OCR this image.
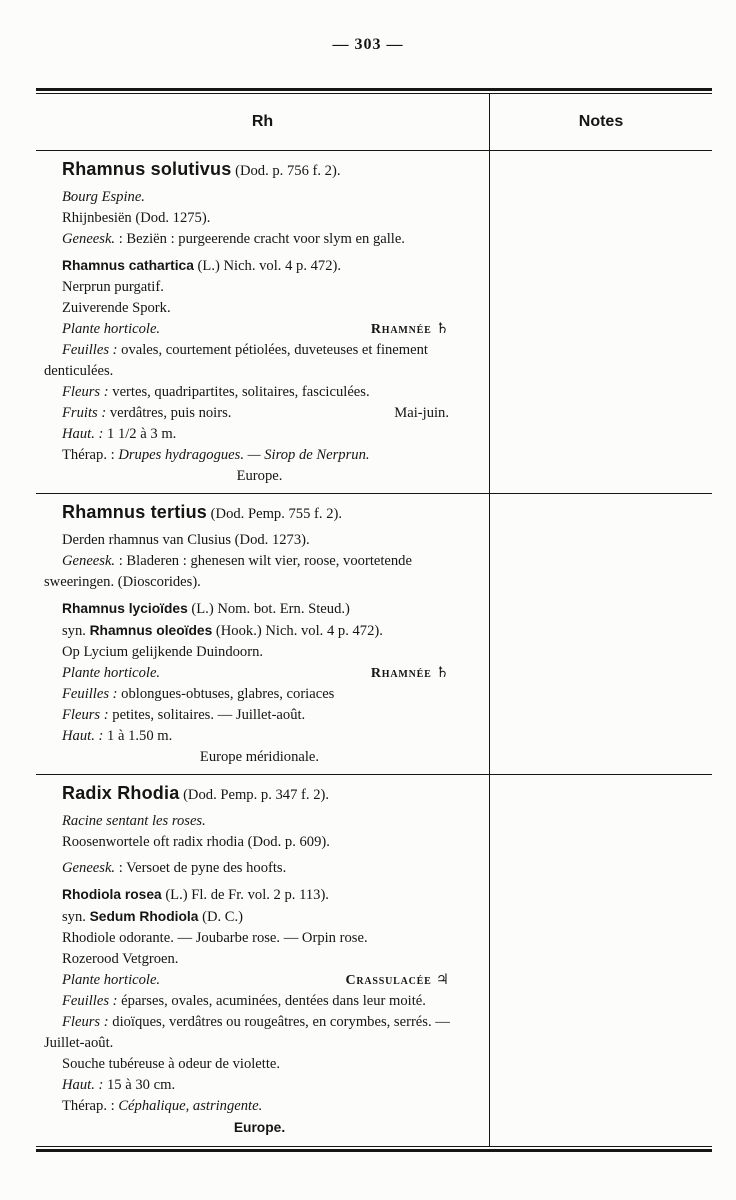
— 303 —
Rh	Notes

Rhamnus solutivus (Dod. p. 756 f. 2).

Bourg Espine.

Rhijnbesiën (Dod. 1275).

Geneesk. : Beziën : purgeerende cracht voor slym en galle.

Rhamnus cathartica (L.) Nich. vol. 4 p. 472).

Nerprun purgatif.

Zuiverende Spork.

Plante horticole.	Rhamnée ♄

Feuilles : ovales, courtement pétiolées, duveteuses et finement denticulées.

Fleurs : vertes, quadripartites, solitaires, fasciculées.

Fruits : verdâtres, puis noirs.	Mai-juin.

Haut. : 1 1/2 à 3 m.

Thérap. : Drupes hydragogues. — Sirop de Nerprun.

Europe.

Rhamnus tertius (Dod. Pemp. 755 f. 2).

Derden rhamnus van Clusius (Dod. 1273).

Geneesk. : Bladeren : ghenesen wilt vier, roose, voortetende sweeringen. (Dioscorides).

Rhamnus lycioïdes (L.) Nom. bot. Ern. Steud.)

syn. Rhamnus oleoïdes (Hook.) Nich. vol. 4 p. 472).

Op Lycium gelijkende Duindoorn.

Plante horticole.	Rhamnée ♄

Feuilles : oblongues-obtuses, glabres, coriaces

Fleurs : petites, solitaires. — Juillet-août.

Haut. : 1 à 1.50 m.

Europe méridionale.

Radix Rhodia (Dod. Pemp. p. 347 f. 2).

Racine sentant les roses.

Roosenwortele oft radix rhodia (Dod. p. 609).

Geneesk. : Versoet de pyne des hoofts.

Rhodiola rosea (L.) Fl. de Fr. vol. 2 p. 113).

syn. Sedum Rhodiola (D. C.)

Rhodiole odorante. — Joubarbe rose. — Orpin rose.

Rozerood Vetgroen.

Plante horticole.	Crassulacée ♃

Feuilles : éparses, ovales, acuminées, dentées dans leur moité.

Fleurs : dioïques, verdâtres ou rougeâtres, en corymbes, serrés. — Juillet-août.

Souche tubéreuse à odeur de violette.

Haut. : 15 à 30 cm.

Thérap. : Céphalique, astringente.

Europe.
